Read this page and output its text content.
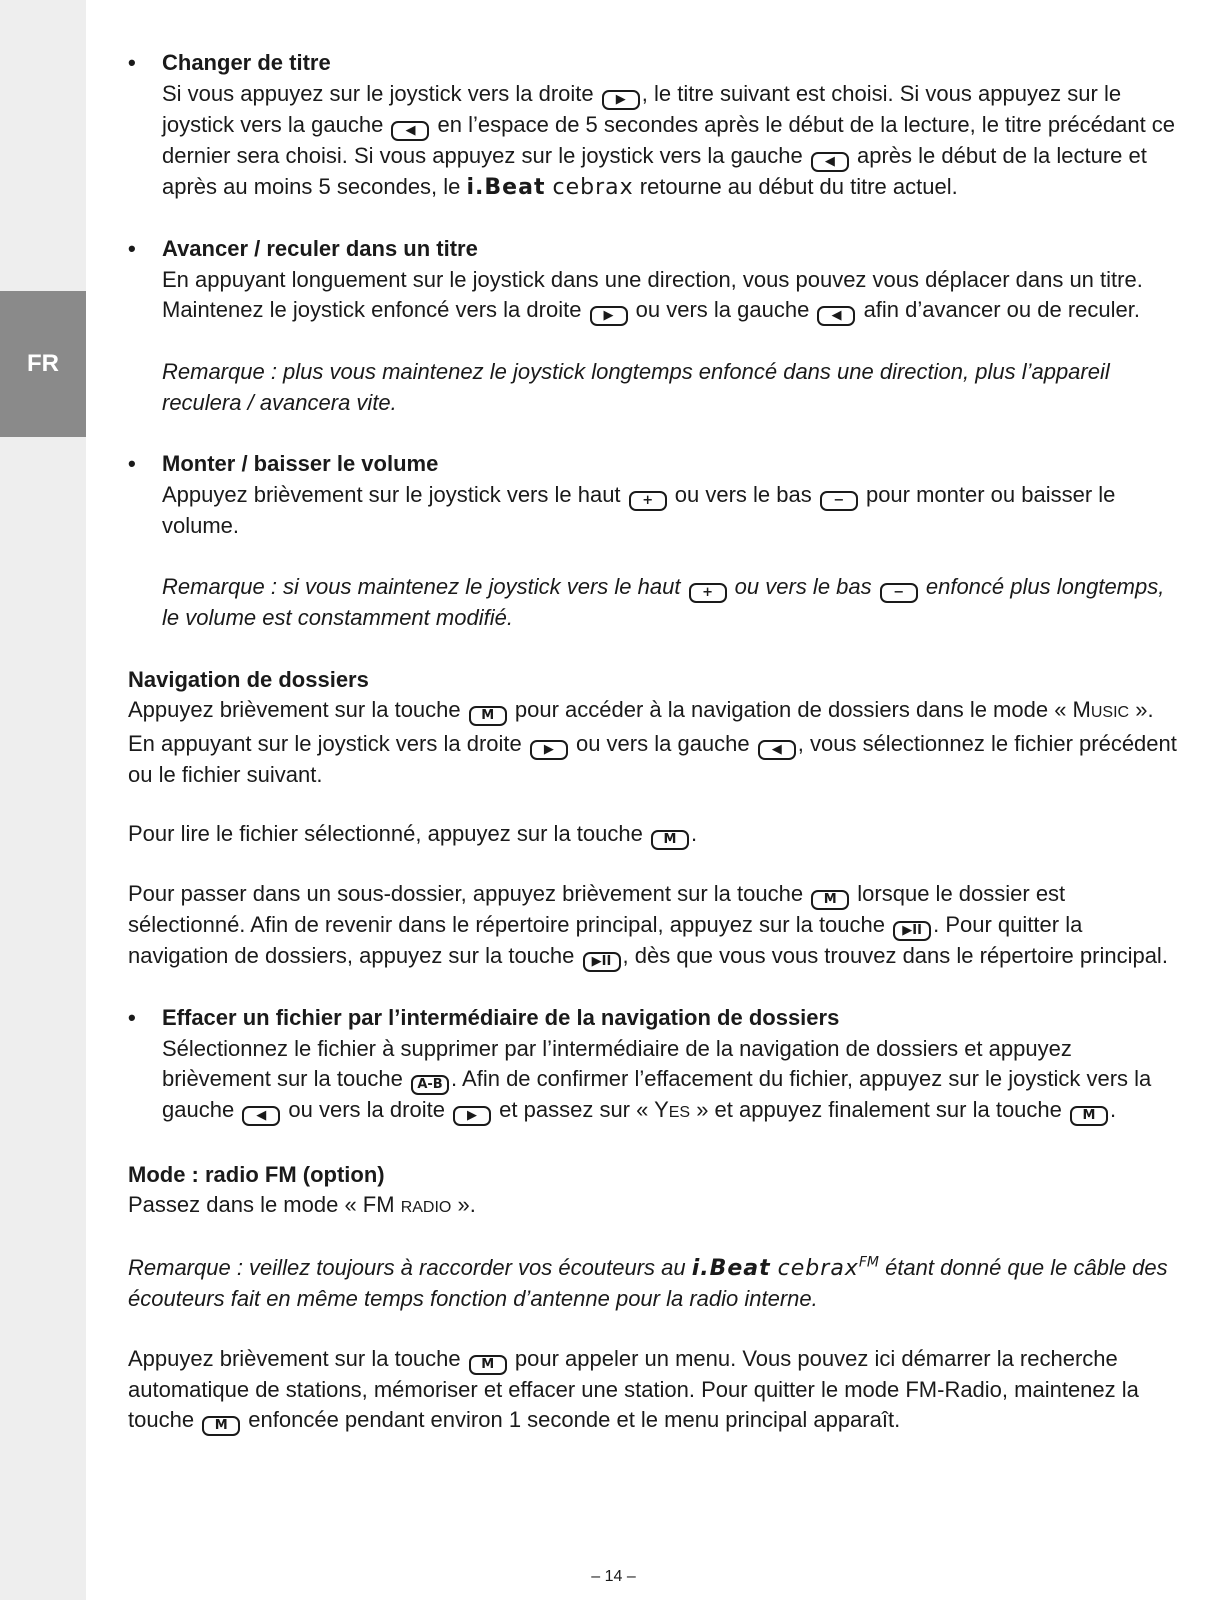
FR
• Changer de titre

Si vous appuyez sur le joystick vers la droite ▶ , le titre suivant est choisi. Si vous appuyez sur le joystick vers la gauche ◀ en l’espace de 5 secondes après le début de la lecture, le titre précédant ce dernier sera choisi. Si vous appuyez sur le joystick vers la gauche ◀ après le début de la lecture et après au moins 5 secondes, le i.Beat cebrax retourne au début du titre actuel.

• Avancer / reculer dans un titre

En appuyant longuement sur le joystick dans une direction, vous pouvez vous déplacer dans un titre. Maintenez le joystick enfoncé vers la droite ▶ ou vers la gauche ◀ afin d’avancer ou de reculer.

Remarque : plus vous maintenez le joystick longtemps enfoncé dans une direction, plus l’appareil reculera / avancera vite.

• Monter / baisser le volume

Appuyez brièvement sur le joystick vers le haut + ou vers le bas − pour monter ou baisser le volume.

Remarque : si vous maintenez le joystick vers le haut + ou vers le bas − enfoncé plus longtemps, le volume est constamment modifié.

Navigation de dossiers

Appuyez brièvement sur la touche M pour accéder à la navigation de dossiers dans le mode « MUSIC ». En appuyant sur le joystick vers la droite ▶ ou vers la gauche ◀ , vous sélectionnez le fichier précédent ou le fichier suivant.

Pour lire le fichier sélectionné, appuyez sur la touche M .

Pour passer dans un sous-dossier, appuyez brièvement sur la touche M lorsque le dossier est sélectionné. Afin de revenir dans le répertoire principal, appuyez sur la touche ▶II . Pour quitter la navigation de dossiers, appuyez sur la touche ▶II , dès que vous vous trouvez dans le répertoire principal.

• Effacer un fichier par l’intermédiaire de la navigation de dossiers

Sélectionnez le fichier à supprimer par l’intermédiaire de la navigation de dossiers et appuyez brièvement sur la touche A-B . Afin de confirmer l’effacement du fichier, appuyez sur le joystick vers la gauche ◀ ou vers la droite ▶ et passez sur « YES » et appuyez finalement sur la touche M .

Mode : radio FM (option)

Passez dans le mode « FM RADIO ».

Remarque : veillez toujours à raccorder vos écouteurs au i.Beat cebrax$^{FM}$ étant donné que le câble des écouteurs fait en même temps fonction d’antenne pour la radio interne.

Appuyez brièvement sur la touche M pour appeler un menu. Vous pouvez ici démarrer la recherche automatique de stations, mémoriser et effacer une station. Pour quitter le mode FM-Radio, maintenez la touche M enfoncée pendant environ 1 seconde et le menu principal apparaît.

– 14 –
